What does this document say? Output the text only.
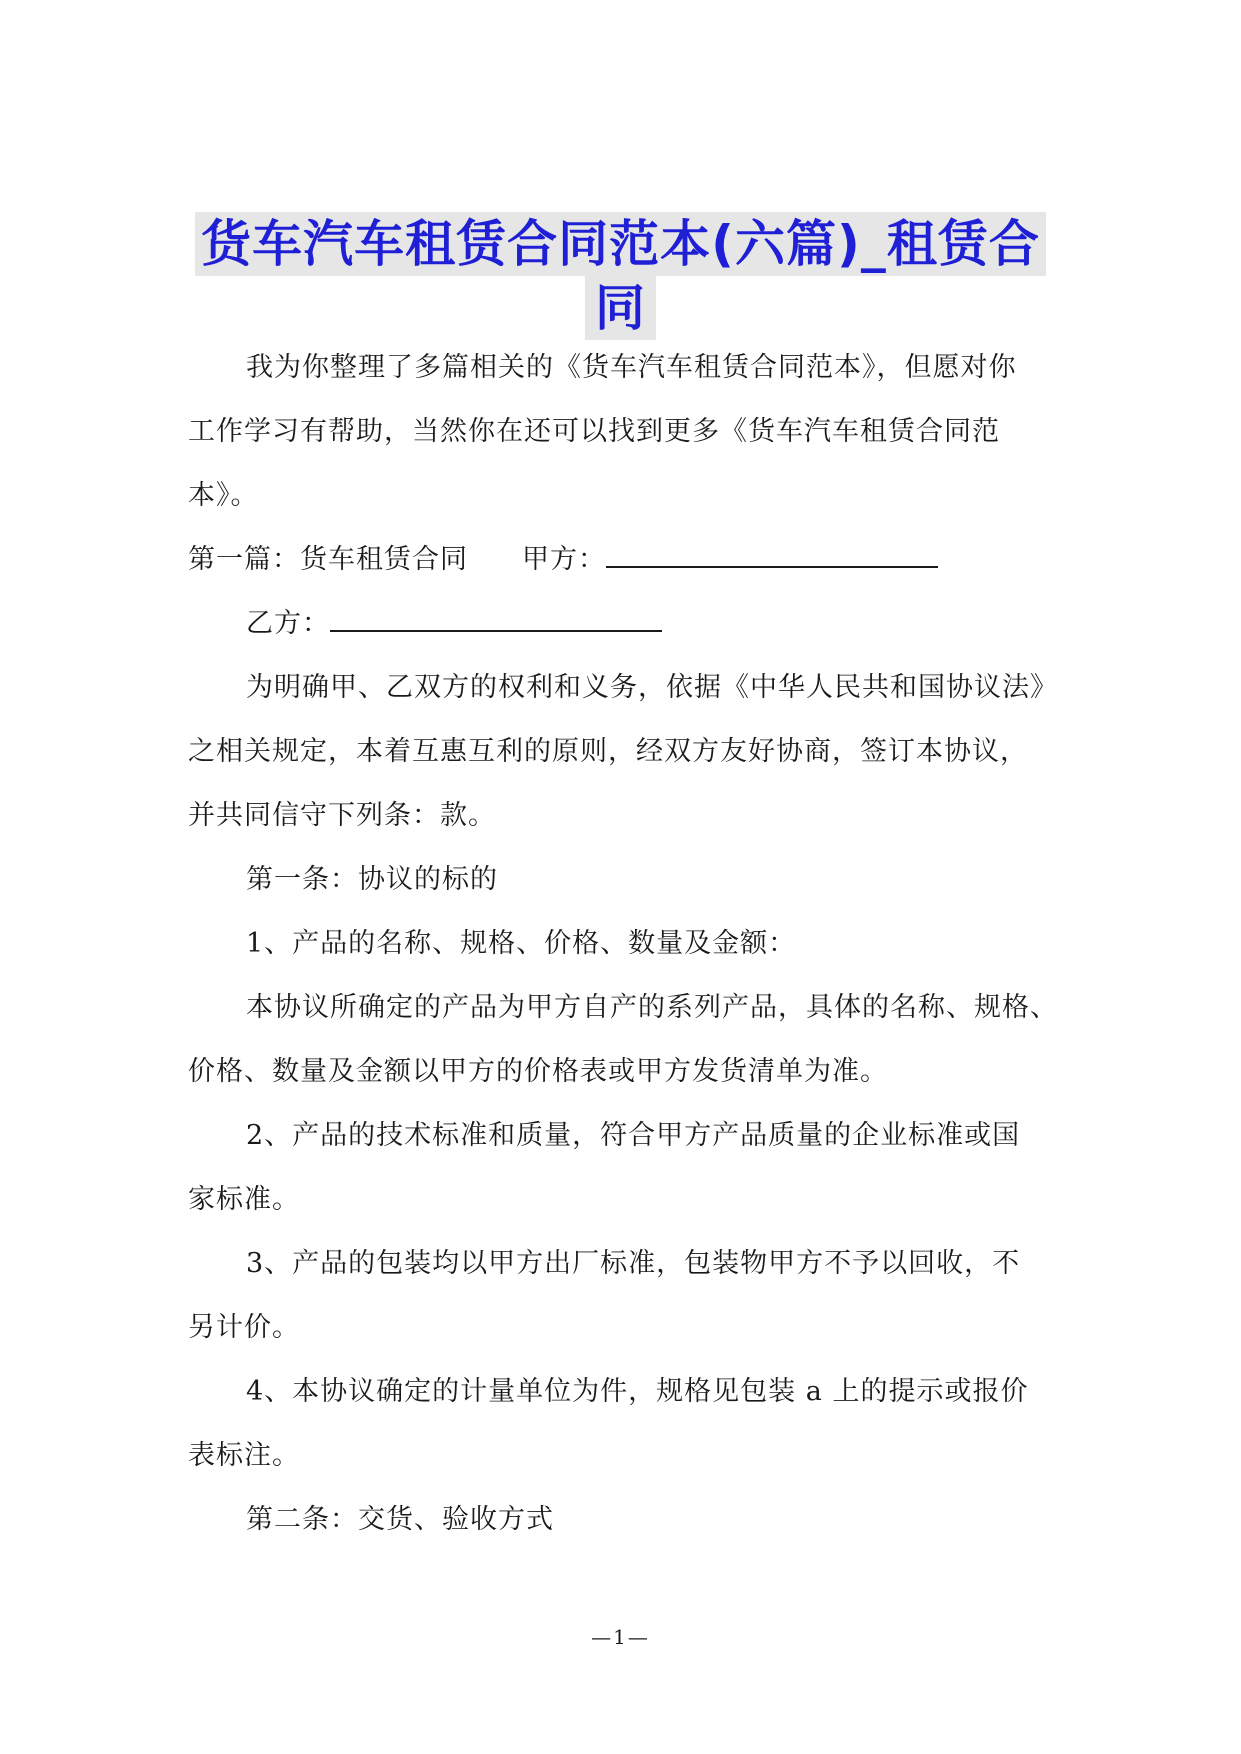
货车汽车租赁合同范本(六篇)_租赁合
同

我为你整理了多篇相关的《货车汽车租赁合同范本》，但愿对你

工作学习有帮助，当然你在还可以找到更多《货车汽车租赁合同范

本》。

第一篇：货车租赁合同 甲方：

乙方：

为明确甲、乙双方的权利和义务，依据《中华人民共和国协议法》

之相关规定，本着互惠互利的原则，经双方友好协商，签订本协议，

并共同信守下列条：款。

第一条：协议的标的

1、产品的名称、规格、价格、数量及金额：

本协议所确定的产品为甲方自产的系列产品，具体的名称、规格、

价格、数量及金额以甲方的价格表或甲方发货清单为准。

2、产品的技术标准和质量，符合甲方产品质量的企业标准或国

家标准。

3、产品的包装均以甲方出厂标准，包装物甲方不予以回收，不

另计价。

4、本协议确定的计量单位为件，规格见包装 a 上的提示或报价

表标注。

第二条：交货、验收方式

—1—
